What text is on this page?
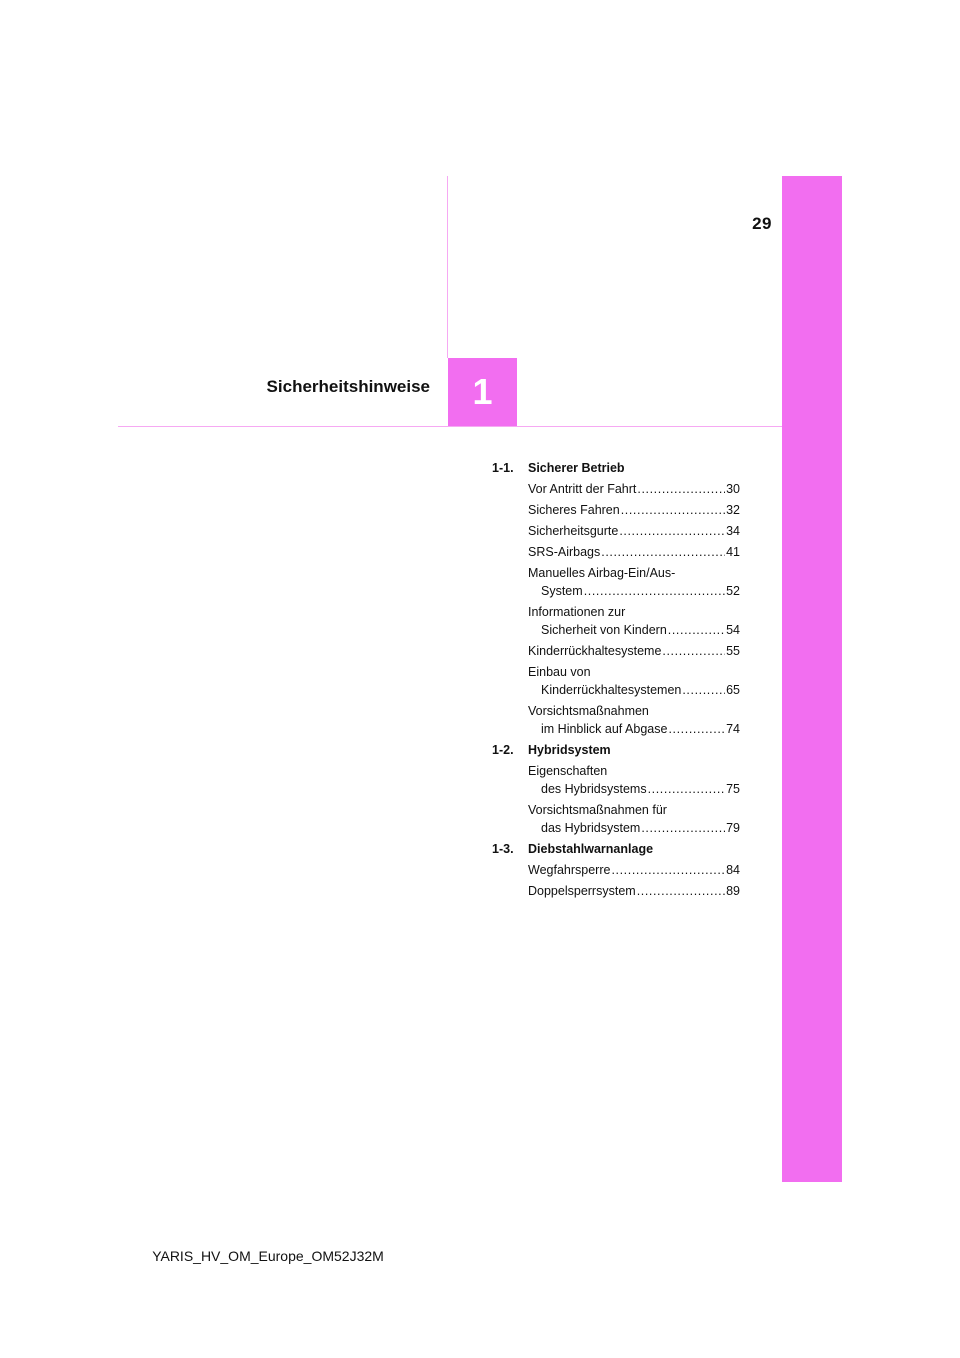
29
Sicherheitshinweise 1
1-1.	Sicherer Betrieb
Vor Antritt der Fahrt .....	30
Sicheres Fahren .....	32
Sicherheitsgurte .....	34
SRS-Airbags .....	41
Manuelles Airbag-Ein/Aus-
System .....	52
Informationen zur
Sicherheit von Kindern .....	54
Kinderrückhaltesysteme .....	55
Einbau von
Kinderrückhaltesystemen .....	65
Vorsichtsmaßnahmen
im Hinblick auf Abgase .....	74
1-2.	Hybridsystem
Eigenschaften
des Hybridsystems .....	75
Vorsichtsmaßnahmen für
das Hybridsystem .....	79
1-3.	Diebstahlwarnanlage
Wegfahrsperre .....	84
Doppelsperrsystem .....	89
YARIS_HV_OM_Europe_OM52J32M
